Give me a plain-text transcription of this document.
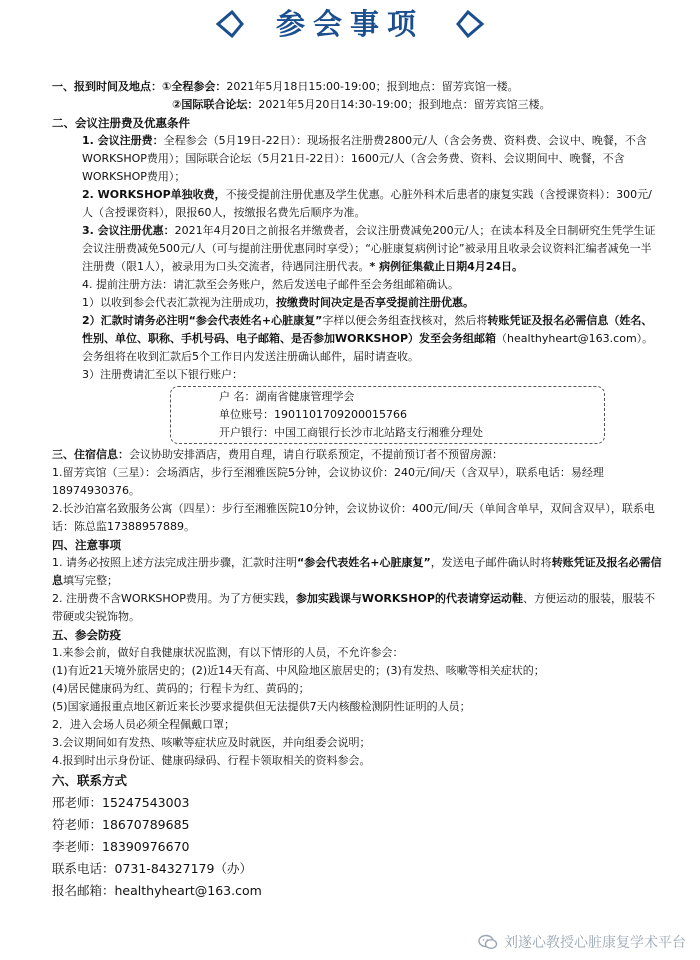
参会事项
一、报到时间及地点：①全程参会：2021年5月18日15:00-19:00；报到地点：留芳宾馆一楼。
②国际联合论坛：2021年5月20日14:30-19:00；报到地点：留芳宾馆三楼。
二、会议注册费及优惠条件
1. 会议注册费：全程参会（5月19日-22日）：现场报名注册费2800元/人（含会务费、资料费、会议中、晚餐，不含WORKSHOP费用）；国际联合论坛（5月21日-22日）：1600元/人（含会务费、资料、会议期间中、晚餐，不含WORKSHOP费用）；
2. WORKSHOP单独收费，不接受提前注册优惠及学生优惠。心脏外科术后患者的康复实践（含授课资料）：300元/人（含授课资料），限报60人，按缴报名费先后顺序为准。
3. 会议注册优惠：2021年4月20日之前报名并缴费者，会议注册费减免200元/人；在读本科及全日制研究生凭学生证会议注册费减免500元/人（可与提前注册优惠同时享受）；“心脏康复病例讨论”被录用且收录会议资料汇编者减免一半注册费（限1人），被录用为口头交流者，待遇同注册代表。* 病例征集截止日期4月24日。
4. 提前注册方法：请汇款至会务账户，然后发送电子邮件至会务组邮箱确认。
1）以收到参会代表汇款视为注册成功，按缴费时间决定是否享受提前注册优惠。
2）汇款时请务必注明“参会代表姓名+心脏康复”字样以便会务组查找核对，然后将转账凭证及报名必需信息（姓名、性别、单位、职称、手机号码、电子邮箱、是否参加WORKSHOP）发至会务组邮箱（healthyheart@163.com）。会务组将在收到汇款后5个工作日内发送注册确认邮件，届时请查收。
3）注册费请汇至以下银行账户：
户 名：湖南省健康管理学会
单位账号：1901101709200015766
开户银行：中国工商银行长沙市北站路支行湘雅分理处
三、住宿信息：会议协助安排酒店，费用自理，请自行联系预定，不提前预订者不预留房源：
1.留芳宾馆（三星）：会场酒店，步行至湘雅医院5分钟，会议协议价：240元/间/天（含双早），联系电话：易经理18974930376。
2.长沙泊富名致服务公寓（四星）：步行至湘雅医院10分钟，会议协议价：400元/间/天（单间含单早，双间含双早），联系电话：陈总监17388957889。
四、注意事项
1. 请务必按照上述方法完成注册步骤，汇款时注明“参会代表姓名+心脏康复”，发送电子邮件确认时将转账凭证及报名必需信息填写完整；
2. 注册费不含WORKSHOP费用。为了方便实践，参加实践课与WORKSHOP的代表请穿运动鞋、方便运动的服装，服装不带硬或尖锐饰物。
五、参会防疫
1.来参会前，做好自我健康状况监测，有以下情形的人员，不允许参会：
(1)有近21天境外旅居史的；(2)近14天有高、中风险地区旅居史的；(3)有发热、咳嗽等相关症状的；
(4)居民健康码为红、黄码的；行程卡为红、黄码的；
(5)国家通报重点地区新近来长沙要求提供但无法提供7天内核酸检测阴性证明的人员；
2．进入会场人员必须全程佩戴口罩；
3.会议期间如有发热、咳嗽等症状应及时就医，并向组委会说明；
4.报到时出示身份证、健康码绿码、行程卡领取相关的资料参会。
六、联系方式
邢老师：15247543003
符老师：18670789685
李老师：18390976670
联系电话：0731-84327179（办）
报名邮箱：healthyheart@163.com
刘遂心教授心脏康复学术平台
